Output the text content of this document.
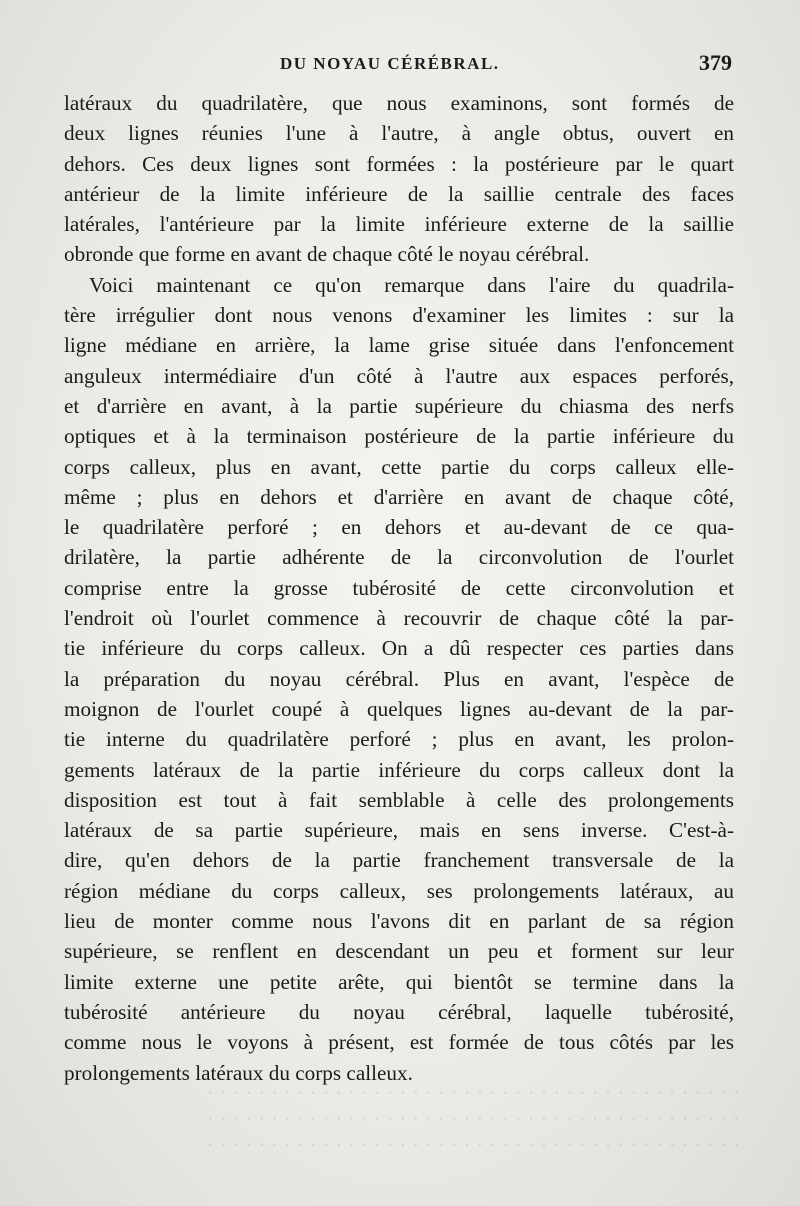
· · · · · · · · · · · · · · · · · · · · · · · · · · · · · · · · · · · · · · · · · ·
· · · · · · · · · · · · · · · · · · · · · · · · · · · · · · · · · · · · · · · · · ·
· · · · · · · · · · · · · · · · · · · · · · · · · · · · · · · · · · · · · · · · · ·
DU NOYAU CÉRÉBRAL.	379

latéraux du quadrilatère, que nous examinons, sont formés de
deux lignes réunies l'une à l'autre, à angle obtus, ouvert en
dehors. Ces deux lignes sont formées : la postérieure par le quart
antérieur de la limite inférieure de la saillie centrale des faces
latérales, l'antérieure par la limite inférieure externe de la saillie
obronde que forme en avant de chaque côté le noyau cérébral.

Voici maintenant ce qu'on remarque dans l'aire du quadrila-
tère irrégulier dont nous venons d'examiner les limites : sur la
ligne médiane en arrière, la lame grise située dans l'enfoncement
anguleux intermédiaire d'un côté à l'autre aux espaces perforés,
et d'arrière en avant, à la partie supérieure du chiasma des nerfs
optiques et à la terminaison postérieure de la partie inférieure du
corps calleux, plus en avant, cette partie du corps calleux elle-
même ; plus en dehors et d'arrière en avant de chaque côté,
le quadrilatère perforé ; en dehors et au-devant de ce qua-
drilatère, la partie adhérente de la circonvolution de l'ourlet
comprise entre la grosse tubérosité de cette circonvolution et
l'endroit où l'ourlet commence à recouvrir de chaque côté la par-
tie inférieure du corps calleux. On a dû respecter ces parties dans
la préparation du noyau cérébral. Plus en avant, l'espèce de
moignon de l'ourlet coupé à quelques lignes au-devant de la par-
tie interne du quadrilatère perforé ; plus en avant, les prolon-
gements latéraux de la partie inférieure du corps calleux dont la
disposition est tout à fait semblable à celle des prolongements
latéraux de sa partie supérieure, mais en sens inverse. C'est-à-
dire, qu'en dehors de la partie franchement transversale de la
région médiane du corps calleux, ses prolongements latéraux, au
lieu de monter comme nous l'avons dit en parlant de sa région
supérieure, se renflent en descendant un peu et forment sur leur
limite externe une petite arête, qui bientôt se termine dans la
tubérosité antérieure du noyau cérébral, laquelle tubérosité,
comme nous le voyons à présent, est formée de tous côtés par les
prolongements latéraux du corps calleux.
